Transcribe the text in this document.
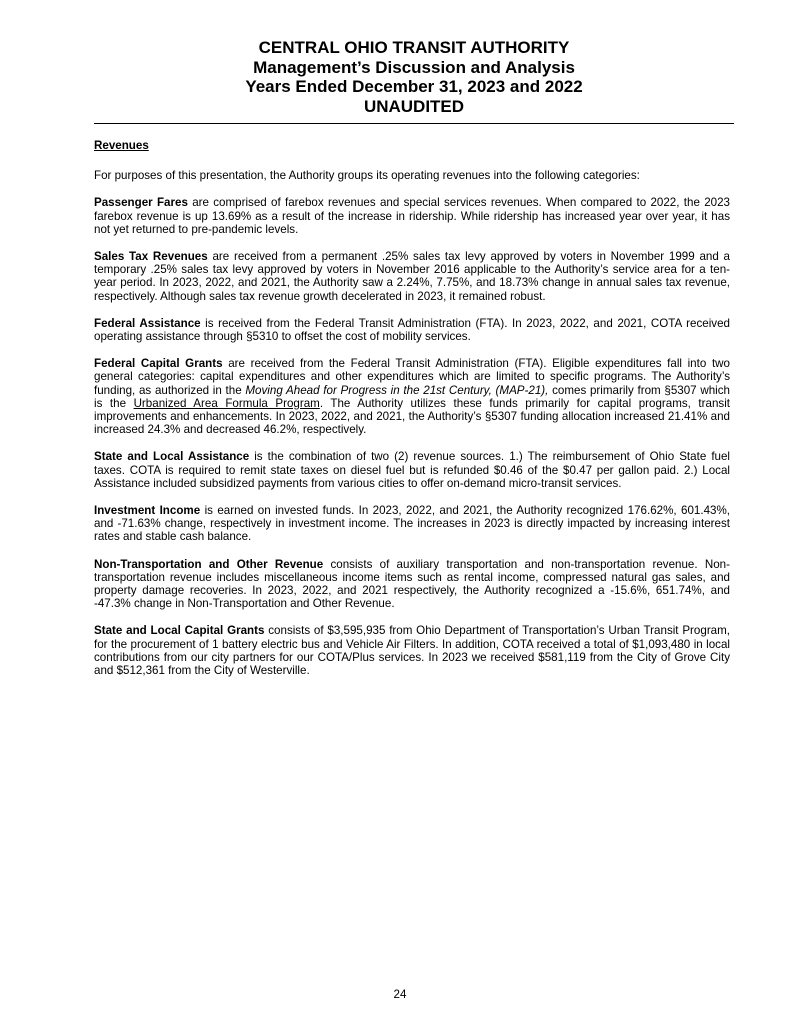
CENTRAL OHIO TRANSIT AUTHORITY
Management’s Discussion and Analysis
Years Ended December 31, 2023 and 2022
UNAUDITED

Revenues

For purposes of this presentation, the Authority groups its operating revenues into the following categories:

Passenger Fares are comprised of farebox revenues and special services revenues. When compared to 2022, the 2023 farebox revenue is up 13.69% as a result of the increase in ridership. While ridership has increased year over year, it has not yet returned to pre-pandemic levels.

Sales Tax Revenues are received from a permanent .25% sales tax levy approved by voters in November 1999 and a temporary .25% sales tax levy approved by voters in November 2016 applicable to the Authority’s service area for a ten-year period. In 2023, 2022, and 2021, the Authority saw a 2.24%, 7.75%, and 18.73% change in annual sales tax revenue, respectively. Although sales tax revenue growth decelerated in 2023, it remained robust.

Federal Assistance is received from the Federal Transit Administration (FTA). In 2023, 2022, and 2021, COTA received operating assistance through §5310 to offset the cost of mobility services.

Federal Capital Grants are received from the Federal Transit Administration (FTA). Eligible expenditures fall into two general categories: capital expenditures and other expenditures which are limited to specific programs. The Authority’s funding, as authorized in the Moving Ahead for Progress in the 21st Century, (MAP-21), comes primarily from §5307 which is the Urbanized Area Formula Program. The Authority utilizes these funds primarily for capital programs, transit improvements and enhancements. In 2023, 2022, and 2021, the Authority’s §5307 funding allocation increased 21.41% and increased 24.3% and decreased 46.2%, respectively.

State and Local Assistance is the combination of two (2) revenue sources. 1.) The reimbursement of Ohio State fuel taxes. COTA is required to remit state taxes on diesel fuel but is refunded $0.46 of the $0.47 per gallon paid. 2.) Local Assistance included subsidized payments from various cities to offer on-demand micro-transit services.

Investment Income is earned on invested funds. In 2023, 2022, and 2021, the Authority recognized 176.62%, 601.43%, and -71.63% change, respectively in investment income. The increases in 2023 is directly impacted by increasing interest rates and stable cash balance.

Non-Transportation and Other Revenue consists of auxiliary transportation and non-transportation revenue. Non-transportation revenue includes miscellaneous income items such as rental income, compressed natural gas sales, and property damage recoveries. In 2023, 2022, and 2021 respectively, the Authority recognized a -15.6%, 651.74%, and -47.3% change in Non-Transportation and Other Revenue.

State and Local Capital Grants consists of $3,595,935 from Ohio Department of Transportation’s Urban Transit Program, for the procurement of 1 battery electric bus and Vehicle Air Filters. In addition, COTA received a total of $1,093,480 in local contributions from our city partners for our COTA/Plus services. In 2023 we received $581,119 from the City of Grove City and $512,361 from the City of Westerville.

24
